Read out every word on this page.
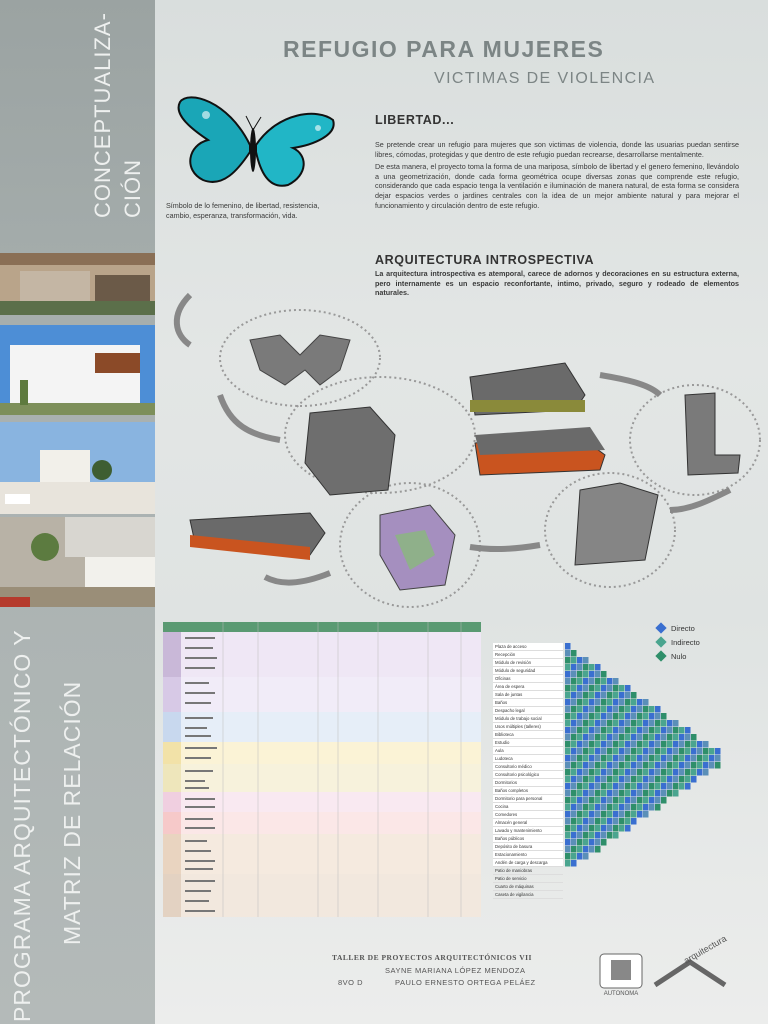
CONCEPTUALIZA-CIÓN
PROGRAMA ARQUITECTÓNICO Y MATRIZ DE RELACIÓN
REFUGIO PARA MUJERES
VICTIMAS DE VIOLENCIA
Símbolo de lo femenino, de libertad, resistencia, cambio, esperanza, transformación, vida.
LIBERTAD...

Se pretende crear un refugio para mujeres que son victimas de violencia, donde las usuarias puedan sentirse libres, cómodas, protegidas y que dentro de este refugio puedan recrearse, desarrollarse mentalmente.

De esta manera, el proyecto toma la forma de una mariposa, símbolo de libertad y el genero femenino, llevándolo a una geometrización, donde cada forma geométrica ocupe diversas zonas que comprende este refugio, considerando que cada espacio tenga la ventilación e iluminación de manera natural, de esta forma se considera dejar espacios verdes o jardines centrales con la idea de un mejor ambiente natural y para mejorar el funcionamiento y circulación dentro de este refugio.

ARQUITECTURA INTROSPECTIVA
La arquitectura introspectiva es atemporal, carece de adornos y decoraciones en su estructura externa, pero internamente es un espacio reconfortante, intimo, privado, seguro y rodeado de elementos naturales.
Directo
Indirecto
Nulo
Plaza de acceso
Recepción
Módulo de revisión
Módulo de seguridad
Oficinas
Área de espera
Sala de juntas
Baños
Despacho legal
Módulo de trabajo social
Usos múltiples (talleres)
Biblioteca
Estudio
Aula
Ludoteca
Consultorio médico
Consultorio psicológico
Dormitorios
Baños completos
Dormitorio para personal
Cocina
Comedores
Almacén general
Lavado y mantenimiento
Baños públicos
Depósito de basura
Estacionamiento
Andén de carga y descarga
Patio de maniobras
Patio de servicio
Cuarto de máquinas
Caseta de vigilancia
TALLER DE PROYECTOS ARQUITECTÓNICOS VII
SAYNE MARIANA LÓPEZ MENDOZA
8VO D	PAULO ERNESTO ORTEGA PELÁEZ
AUTONOMA
arquitectura
